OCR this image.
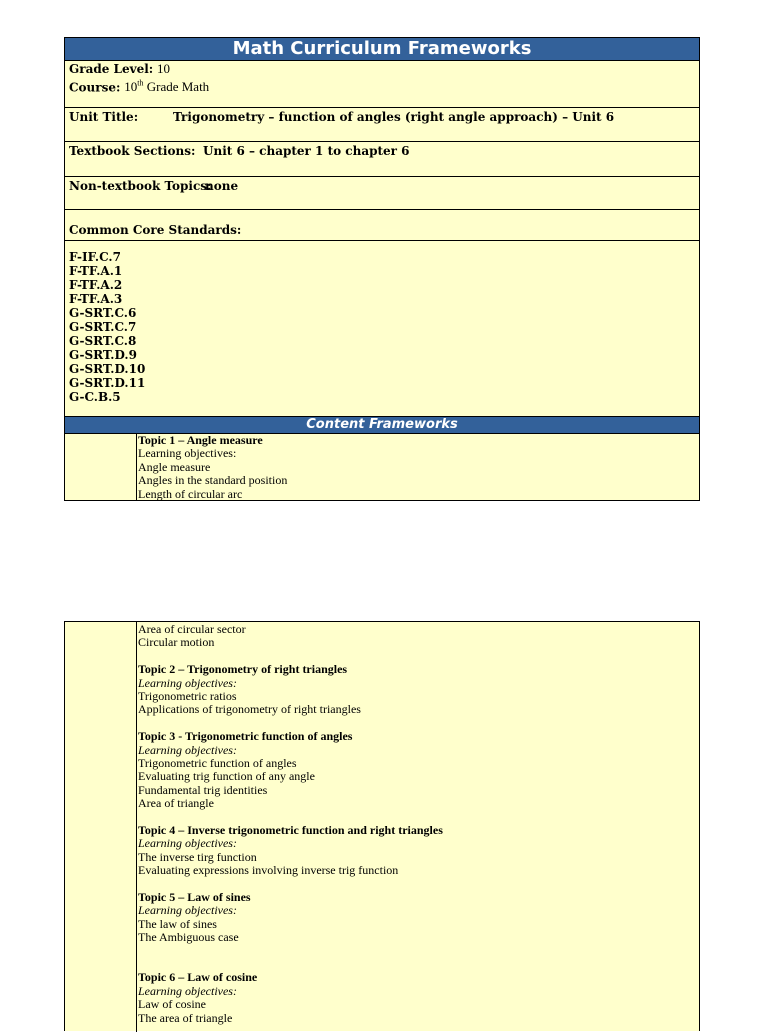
Math Curriculum Frameworks
Grade Level: 10
Course: 10th Grade Math
Unit Title:	Trigonometry – function of angles (right angle approach) – Unit 6
Textbook Sections: Unit 6 – chapter 1 to chapter 6
Non-textbook Topics:
none
Common Core Standards:
F-IF.C.7
F-TF.A.1
F-TF.A.2
F-TF.A.3
G-SRT.C.6
G-SRT.C.7
G-SRT.C.8
G-SRT.D.9
G-SRT.D.10
G-SRT.D.11
G-C.B.5
Content Frameworks
Topic 1 – Angle measure
Learning objectives:
Angle measure
Angles in the standard position
Length of circular arc
Area of circular sector
Circular motion
Topic 2 – Trigonometry of right triangles
Learning objectives:
Trigonometric ratios
Applications of trigonometry of right triangles
Topic 3 - Trigonometric function of angles
Learning objectives:
Trigonometric function of angles
Evaluating trig function of any angle
Fundamental trig identities
Area of triangle
Topic 4 – Inverse trigonometric function and right triangles
Learning objectives:
The inverse tirg function
Evaluating expressions involving inverse trig function
Topic 5 – Law of sines
Learning objectives:
The law of sines
The Ambiguous case
Topic 6 – Law of cosine
Learning objectives:
Law of cosine
The area of triangle
